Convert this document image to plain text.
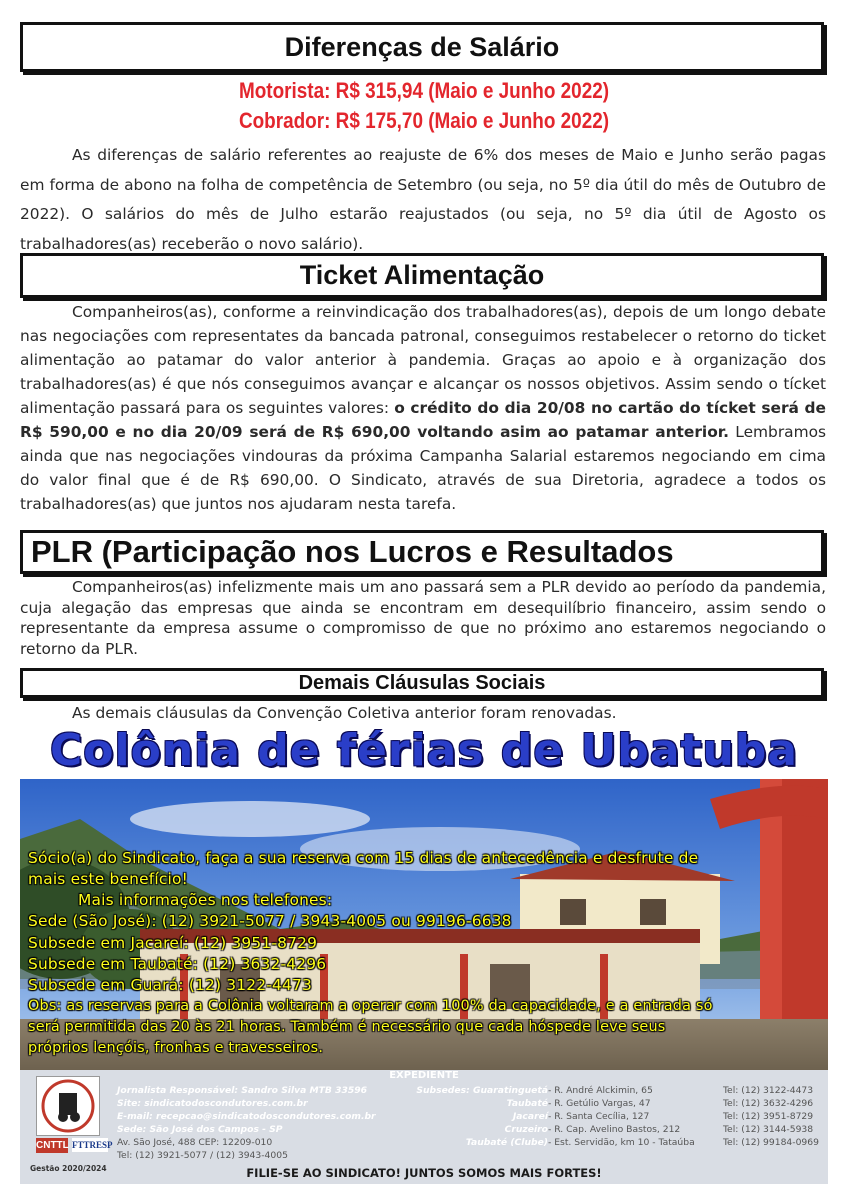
Diferenças de Salário
Motorista: R$ 315,94 (Maio e Junho 2022)
Cobrador: R$ 175,70 (Maio e Junho 2022)

As diferenças de salário referentes ao reajuste de 6% dos meses de Maio e Junho serão pagas em forma de abono na folha de competência de Setembro (ou seja, no 5º dia útil do mês de Outubro de 2022). O salários do mês de Julho estarão reajustados (ou seja, no 5º dia útil de Agosto os trabalhadores(as) receberão o novo salário).

Ticket Alimentação

Companheiros(as), conforme a reinvindicação dos trabalhadores(as), depois de um longo debate nas negociações com representates da bancada patronal, conseguimos restabelecer o retorno do ticket alimentação ao patamar do valor anterior à pandemia. Graças ao apoio e à organização dos trabalhadores(as) é que nós conseguimos avançar e alcançar os nossos objetivos. Assim sendo o tícket alimentação passará para os seguintes valores: o crédito do dia 20/08 no cartão do tícket será de R$ 590,00 e no dia 20/09 será de R$ 690,00 voltando asim ao patamar anterior. Lembramos ainda que nas negociações vindouras da próxima Campanha Salarial estaremos negociando em cima do valor final que é de R$ 690,00. O Sindicato, através de sua Diretoria, agradece a todos os trabalhadores(as) que juntos nos ajudaram nesta tarefa.

PLR (Participação nos Lucros e Resultados

Companheiros(as) infelizmente mais um ano passará sem a PLR devido ao período da pandemia, cuja alegação das empresas que ainda se encontram em desequilíbrio financeiro, assim sendo o representante da empresa assume o compromisso de que no próximo ano estaremos negociando o retorno da PLR.

Demais Cláusulas Sociais

As demais cláusulas da Convenção Coletiva anterior foram renovadas.

Colônia de férias de Ubatuba
Sócio(a) do Sindicato, faça a sua reserva com 15 dias de antecedência e desfrute de
mais este benefício!
Mais informações nos telefones:
Sede (São José): (12) 3921-5077 / 3943-4005 ou 99196-6638
Subsede em Jacareí: (12) 3951-8729
Subsede em Taubaté: (12) 3632-4296
Subsede em Guará: (12) 3122-4473
Obs: as reservas para a Colônia voltaram a operar com 100% da capacidade, e a entrada só
será permitida das 20 às 21 horas. Também é necessário que cada hóspede leve seus
próprios lençóis, fronhas e travesseiros.
CNTTL FTTRESP
Gestão 2020/2024
EXPEDIENTE
Jornalista Responsável: Sandro Silva MTB 33596
Site: sindicatodoscondutores.com.br
E-mail: recepcao@sindicatodoscondutores.com.br
Sede: São José dos Campos - SP
Av. São José, 488 CEP: 12209-010
Tel: (12) 3921-5077 / (12) 3943-4005
Subsedes: Guaratinguetá - R. André Alckimin, 65	Tel: (12) 3122-4473
Taubaté - R. Getúlio Vargas, 47	Tel: (12) 3632-4296
Jacareí - R. Santa Cecília, 127	Tel: (12) 3951-8729
Cruzeiro - R. Cap. Avelino Bastos, 212	Tel: (12) 3144-5938
Taubaté (Clube) - Est. Servidão, km 10 - Tataúba	Tel: (12) 99184-0969
FILIE-SE AO SINDICATO! JUNTOS SOMOS MAIS FORTES!
